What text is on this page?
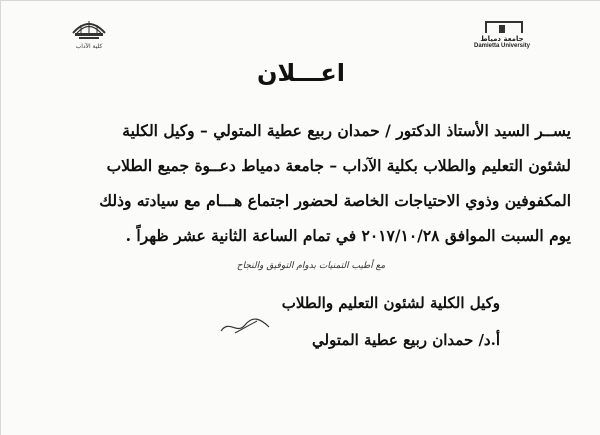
جامعة دمياط
Damietta University
كلية الآداب
اعـــلان

يســر السيد الأستاذ الدكتور / حمدان ربيع عطية المتولي – وكيل الكلية

لشئون التعليم والطلاب بكلية الآداب – جامعة دمياط دعــوة جميع الطلاب

المكفوفين وذوي الاحتياجات الخاصة لحضور اجتماع هـــام مع سيادته وذلك

يوم السبت الموافق ٢٠١٧/١٠/٢٨ في تمام الساعة الثانية عشر ظهراً .

مع أطيب التمنيات بدوام التوفيق والنجاح
وكيل الكلية لشئون التعليم والطلاب
أ.د/ حمدان ربيع عطية المتولي
